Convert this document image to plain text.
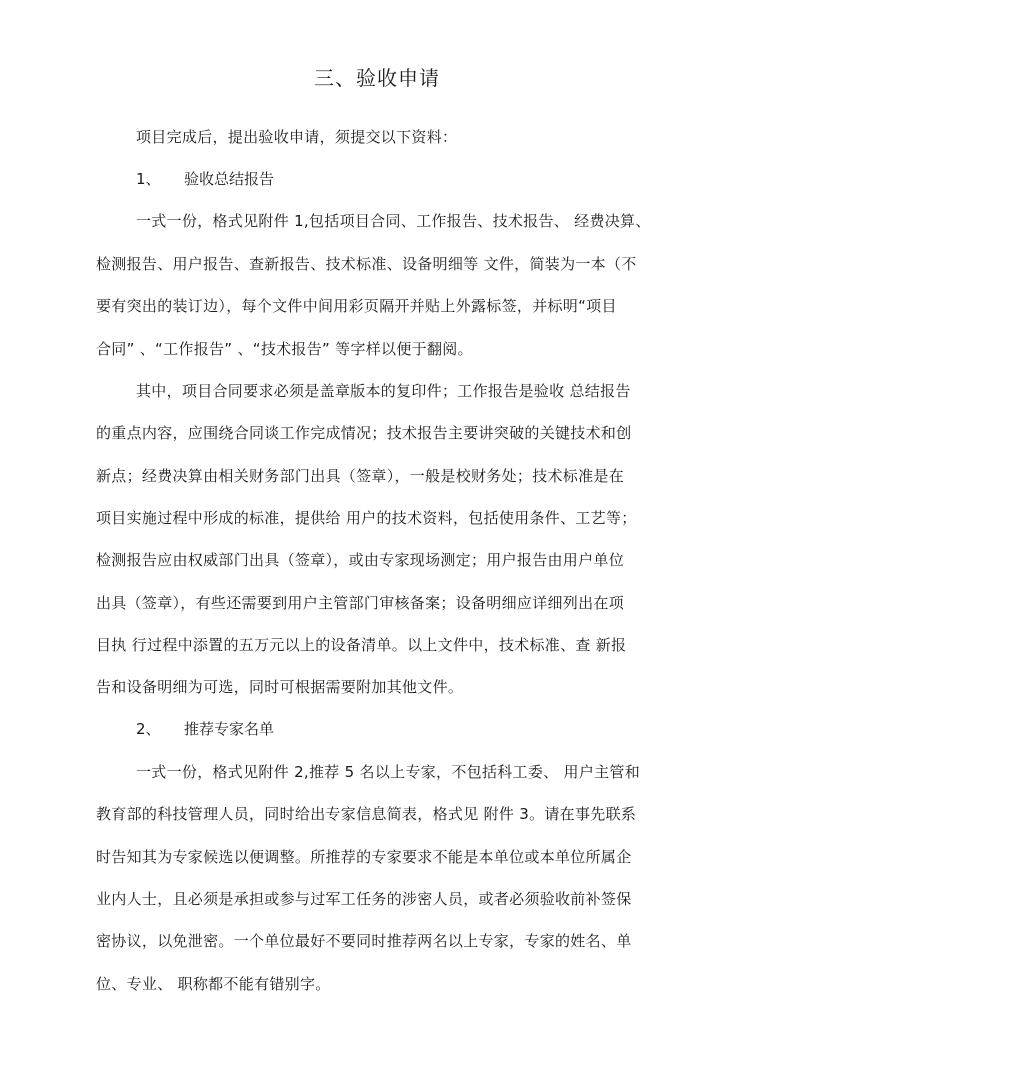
三、验收申请
项目完成后，提出验收申请，须提交以下资料：
1、 验收总结报告
一式一份，格式见附件 1,包括项目合同、工作报告、技术报告、 经费决算、
检测报告、用户报告、查新报告、技术标准、设备明细等 文件，简装为一本（不
要有突出的装订边），每个文件中间用彩页隔开并贴上外露标签，并标明“项目
合同” 、“工作报告” 、“技术报告” 等字样以便于翻阅。
其中，项目合同要求必须是盖章版本的复印件；工作报告是验收 总结报告
的重点内容，应围绕合同谈工作完成情况；技术报告主要讲突破的关键技术和创
新点；经费决算由相关财务部门出具（签章），一般是校财务处；技术标准是在
项目实施过程中形成的标准，提供给 用户的技术资料，包括使用条件、工艺等；
检测报告应由权威部门出具（签章），或由专家现场测定；用户报告由用户单位
出具（签章），有些还需要到用户主管部门审核备案；设备明细应详细列出在项
目执 行过程中添置的五万元以上的设备清单。以上文件中，技术标准、查 新报
告和设备明细为可选，同时可根据需要附加其他文件。
2、 推荐专家名单
一式一份，格式见附件 2,推荐 5 名以上专家，不包括科工委、 用户主管和
教育部的科技管理人员，同时给出专家信息简表，格式见 附件 3。请在事先联系
时告知其为专家候选以便调整。所推荐的专家要求不能是本单位或本单位所属企
业内人士，且必须是承担或参与过军工任务的涉密人员，或者必须验收前补签保
密协议，以免泄密。一个单位最好不要同时推荐两名以上专家，专家的姓名、单
位、专业、 职称都不能有错别字。
